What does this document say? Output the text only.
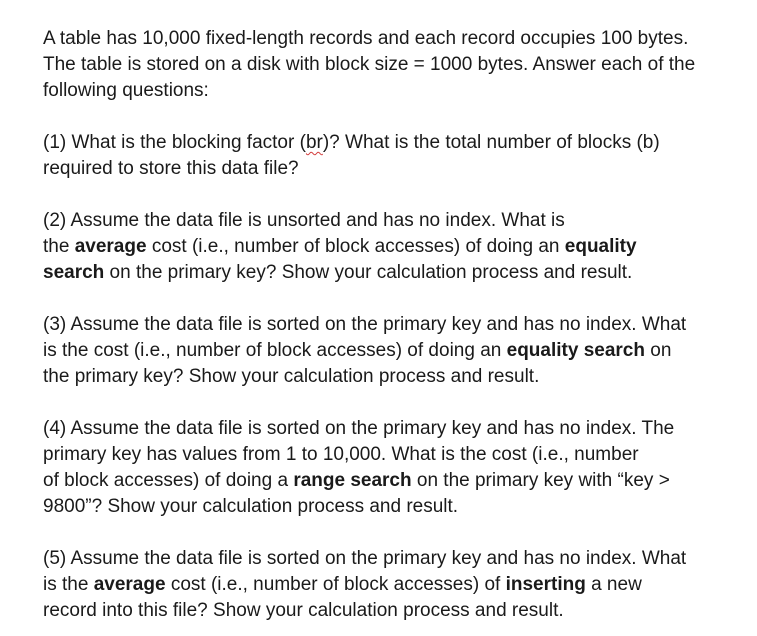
A table has 10,000 fixed-length records and each record occupies 100 bytes.
The table is stored on a disk with block size = 1000 bytes. Answer each of the
following questions:
(1) What is the blocking factor (br)? What is the total number of blocks (b)
required to store this data file?
(2) Assume the data file is unsorted and has no index. What is
the average cost (i.e., number of block accesses) of doing an equality
search on the primary key? Show your calculation process and result.
(3) Assume the data file is sorted on the primary key and has no index. What
is the cost (i.e., number of block accesses) of doing an equality search on
the primary key? Show your calculation process and result.
(4) Assume the data file is sorted on the primary key and has no index. The
primary key has values from 1 to 10,000. What is the cost (i.e., number
of block accesses) of doing a range search on the primary key with “key >
9800”? Show your calculation process and result.
(5) Assume the data file is sorted on the primary key and has no index. What
is the average cost (i.e., number of block accesses) of inserting a new
record into this file? Show your calculation process and result.
